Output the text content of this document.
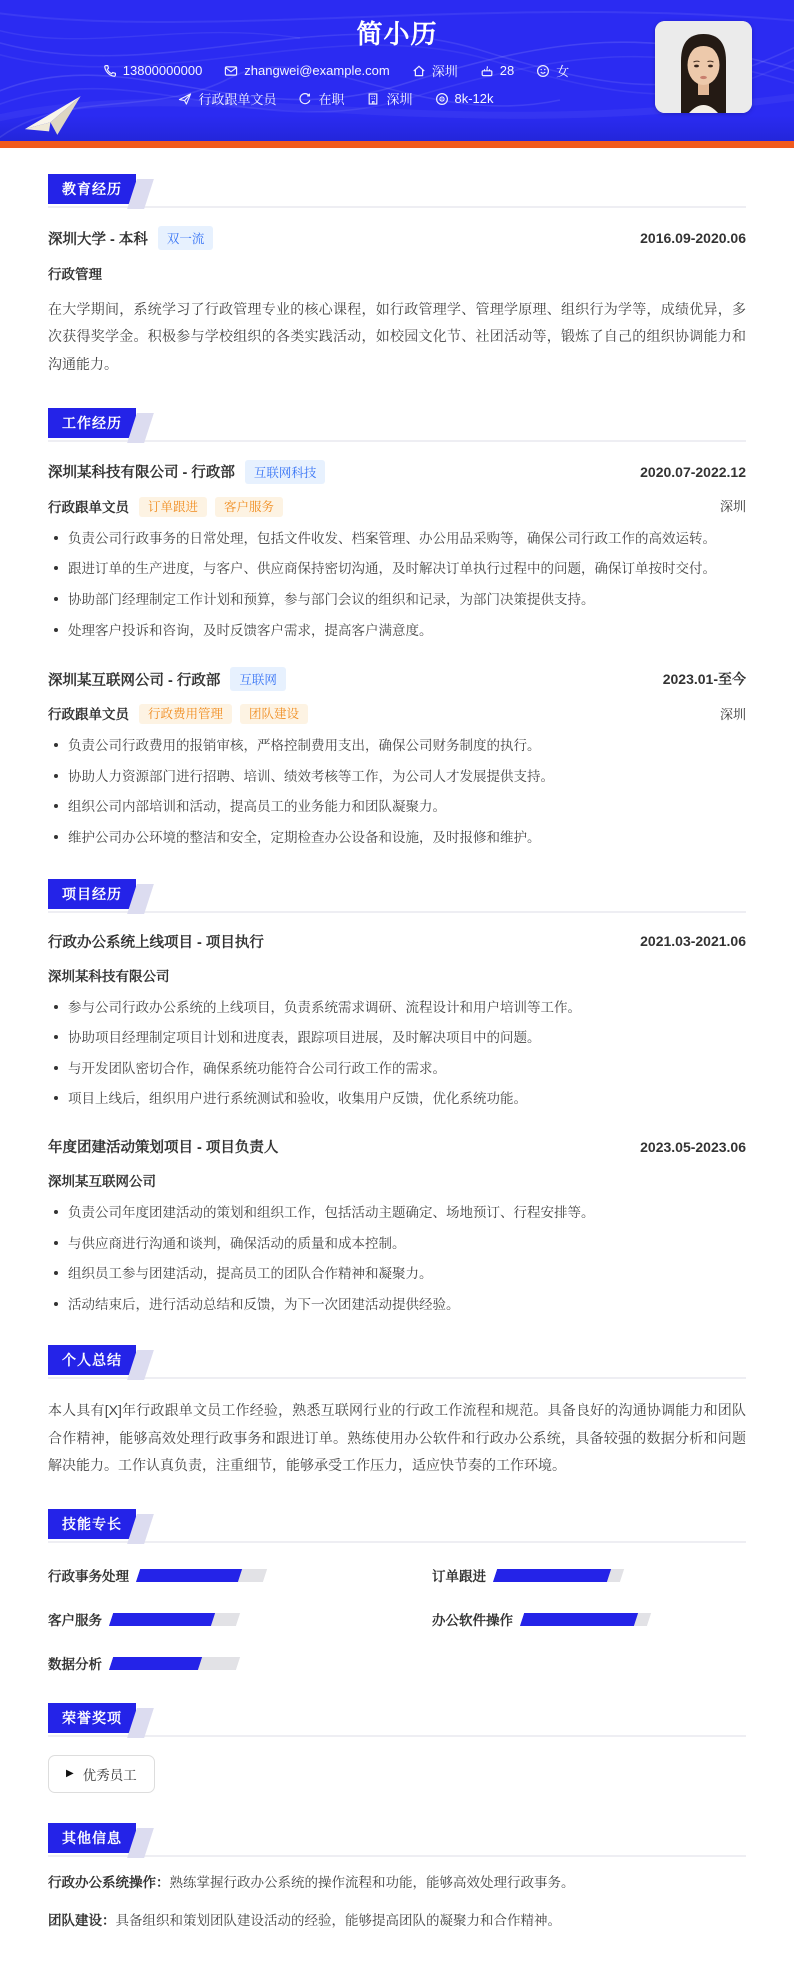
简小历
13800000000	zhangwei@example.com	深圳	28	女
行政跟单文员	在职	深圳	8k-12k
教育经历
深圳大学 - 本科	双一流	2016.09-2020.06
行政管理

在大学期间，系统学习了行政管理专业的核心课程，如行政管理学、管理学原理、组织行为学等，成绩优异，多次获得奖学金。积极参与学校组织的各类实践活动，如校园文化节、社团活动等，锻炼了自己的组织协调能力和沟通能力。

工作经历
深圳某科技有限公司 - 行政部	互联网科技	2020.07-2022.12
行政跟单文员	订单跟进 客户服务	深圳
负责公司行政事务的日常处理，包括文件收发、档案管理、办公用品采购等，确保公司行政工作的高效运转。
跟进订单的生产进度，与客户、供应商保持密切沟通，及时解决订单执行过程中的问题，确保订单按时交付。
协助部门经理制定工作计划和预算，参与部门会议的组织和记录，为部门决策提供支持。
处理客户投诉和咨询，及时反馈客户需求，提高客户满意度。
深圳某互联网公司 - 行政部	互联网	2023.01-至今
行政跟单文员	行政费用管理 团队建设	深圳
负责公司行政费用的报销审核，严格控制费用支出，确保公司财务制度的执行。
协助人力资源部门进行招聘、培训、绩效考核等工作，为公司人才发展提供支持。
组织公司内部培训和活动，提高员工的业务能力和团队凝聚力。
维护公司办公环境的整洁和安全，定期检查办公设备和设施，及时报修和维护。
项目经历
行政办公系统上线项目 - 项目执行	2021.03-2021.06
深圳某科技有限公司
参与公司行政办公系统的上线项目，负责系统需求调研、流程设计和用户培训等工作。
协助项目经理制定项目计划和进度表，跟踪项目进展，及时解决项目中的问题。
与开发团队密切合作，确保系统功能符合公司行政工作的需求。
项目上线后，组织用户进行系统测试和验收，收集用户反馈，优化系统功能。
年度团建活动策划项目 - 项目负责人	2023.05-2023.06
深圳某互联网公司
负责公司年度团建活动的策划和组织工作，包括活动主题确定、场地预订、行程安排等。
与供应商进行沟通和谈判，确保活动的质量和成本控制。
组织员工参与团建活动，提高员工的团队合作精神和凝聚力。
活动结束后，进行活动总结和反馈，为下一次团建活动提供经验。
个人总结

本人具有[X]年行政跟单文员工作经验，熟悉互联网行业的行政工作流程和规范。具备良好的沟通协调能力和团队合作精神，能够高效处理行政事务和跟进订单。熟练使用办公软件和行政办公系统，具备较强的数据分析和问题解决能力。工作认真负责，注重细节，能够承受工作压力，适应快节奏的工作环境。

技能专长
行政事务处理	订单跟进
客户服务	办公软件操作
数据分析
荣誉奖项
▶ 优秀员工
其他信息

行政办公系统操作：熟练掌握行政办公系统的操作流程和功能，能够高效处理行政事务。

团队建设：具备组织和策划团队建设活动的经验，能够提高团队的凝聚力和合作精神。
